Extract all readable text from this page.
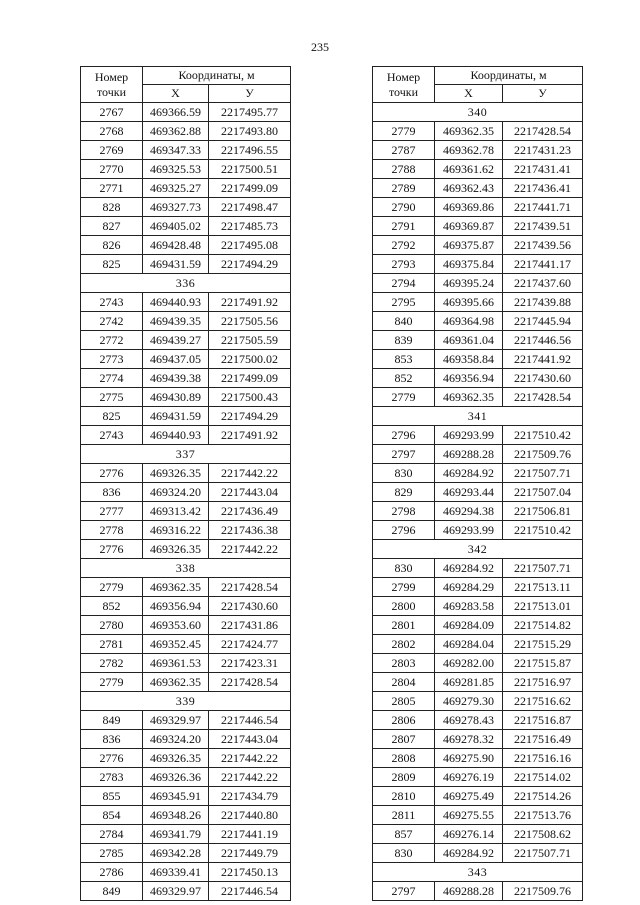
235
Номер
точки	Координаты, м	
	X	У
2767	469366.59	2217495.77
2768	469362.88	2217493.80
2769	469347.33	2217496.55
2770	469325.53	2217500.51
2771	469325.27	2217499.09
828	469327.73	2217498.47
827	469405.02	2217485.73
826	469428.48	2217495.08
825	469431.59	2217494.29
336		
2743	469440.93	2217491.92
2742	469439.35	2217505.56
2772	469439.27	2217505.59
2773	469437.05	2217500.02
2774	469439.38	2217499.09
2775	469430.89	2217500.43
825	469431.59	2217494.29
2743	469440.93	2217491.92
337		
2776	469326.35	2217442.22
836	469324.20	2217443.04
2777	469313.42	2217436.49
2778	469316.22	2217436.38
2776	469326.35	2217442.22
338		
2779	469362.35	2217428.54
852	469356.94	2217430.60
2780	469353.60	2217431.86
2781	469352.45	2217424.77
2782	469361.53	2217423.31
2779	469362.35	2217428.54
339		
849	469329.97	2217446.54
836	469324.20	2217443.04
2776	469326.35	2217442.22
2783	469326.36	2217442.22
855	469345.91	2217434.79
854	469348.26	2217440.80
2784	469341.79	2217441.19
2785	469342.28	2217449.79
2786	469339.41	2217450.13
849	469329.97	2217446.54
Номер
точки	Координаты, м	
	X	У
340		
2779	469362.35	2217428.54
2787	469362.78	2217431.23
2788	469361.62	2217431.41
2789	469362.43	2217436.41
2790	469369.86	2217441.71
2791	469369.87	2217439.51
2792	469375.87	2217439.56
2793	469375.84	2217441.17
2794	469395.24	2217437.60
2795	469395.66	2217439.88
840	469364.98	2217445.94
839	469361.04	2217446.56
853	469358.84	2217441.92
852	469356.94	2217430.60
2779	469362.35	2217428.54
341		
2796	469293.99	2217510.42
2797	469288.28	2217509.76
830	469284.92	2217507.71
829	469293.44	2217507.04
2798	469294.38	2217506.81
2796	469293.99	2217510.42
342		
830	469284.92	2217507.71
2799	469284.29	2217513.11
2800	469283.58	2217513.01
2801	469284.09	2217514.82
2802	469284.04	2217515.29
2803	469282.00	2217515.87
2804	469281.85	2217516.97
2805	469279.30	2217516.62
2806	469278.43	2217516.87
2807	469278.32	2217516.49
2808	469275.90	2217516.16
2809	469276.19	2217514.02
2810	469275.49	2217514.26
2811	469275.55	2217513.76
857	469276.14	2217508.62
830	469284.92	2217507.71
343		
2797	469288.28	2217509.76
